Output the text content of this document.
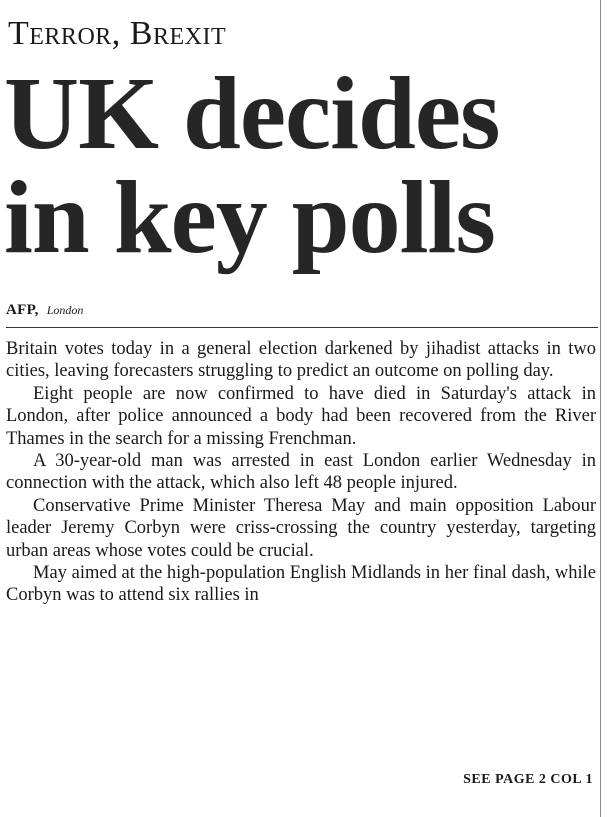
Terror, Brexit
UK decides
in key polls
AFP, London

Britain votes today in a general election darkened by jihadist attacks in two cities, leaving forecasters struggling to predict an outcome on polling day.

Eight people are now confirmed to have died in Saturday's attack in London, after police announced a body had been recovered from the River Thames in the search for a missing Frenchman.

A 30-year-old man was arrested in east London earlier Wednesday in connection with the attack, which also left 48 people injured.

Conservative Prime Minister Theresa May and main opposition Labour leader Jeremy Corbyn were criss-crossing the country yesterday, targeting urban areas whose votes could be crucial.

May aimed at the high-population English Midlands in her final dash, while Corbyn was to attend six rallies in

SEE PAGE 2 COL 1
